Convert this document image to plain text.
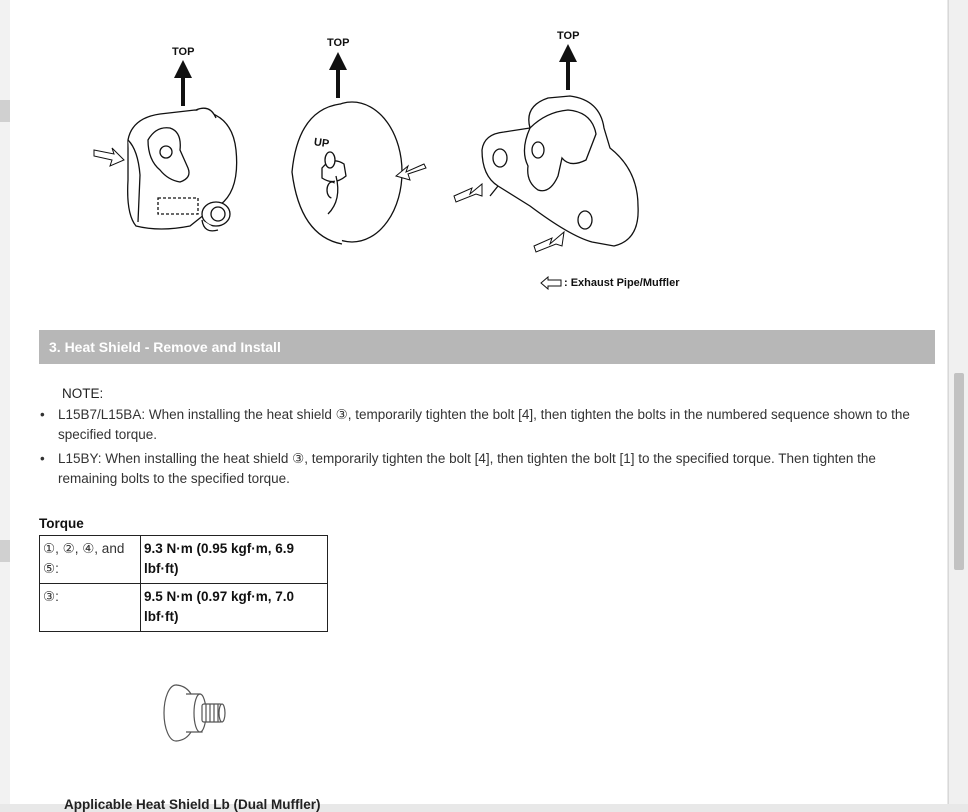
UP
TOP
TOP
TOP
: Exhaust Pipe/Muffler
3. Heat Shield - Remove and Install
NOTE:
• L15B7/L15BA: When installing the heat shield ③, temporarily tighten the bolt [4], then tighten the bolts in the numbered sequence shown to the specified torque.
• L15BY: When installing the heat shield ③, temporarily tighten the bolt [4], then tighten the bolt [1] to the specified torque. Then tighten the remaining bolts to the specified torque.
Torque
①, ②, ④, and ⑤:	9.3 N·m (0.95 kgf·m, 6.9 lbf·ft)
③:	9.5 N·m (0.97 kgf·m, 7.0 lbf·ft)
Applicable Heat Shield Lb (Dual Muffler)
